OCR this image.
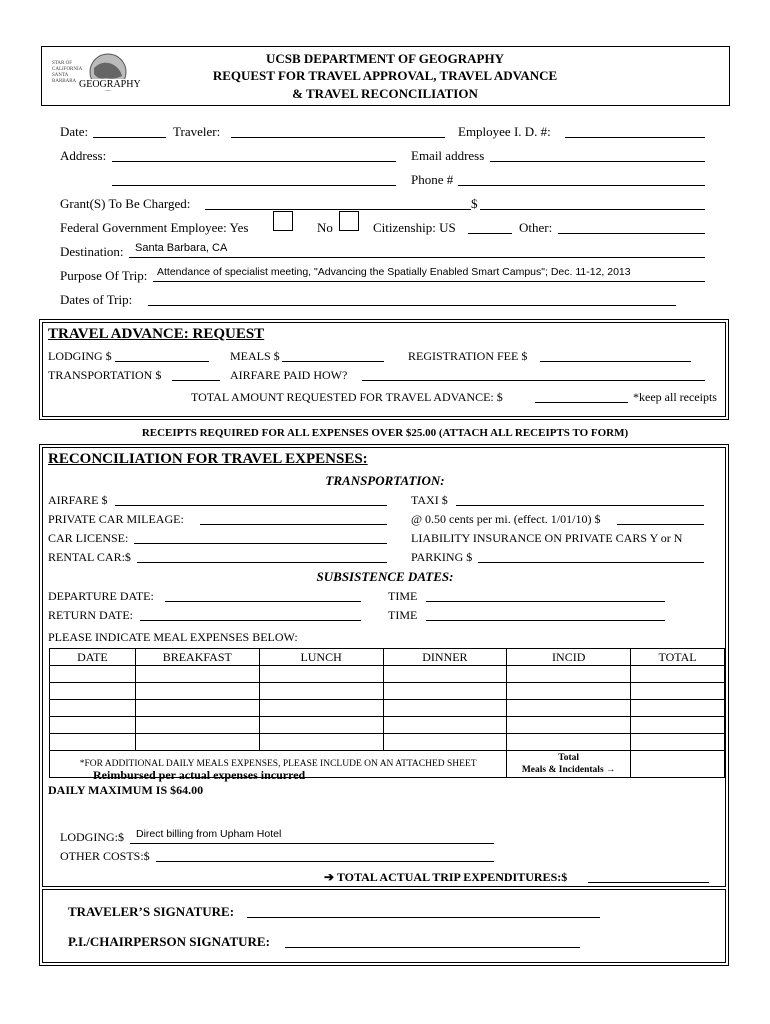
STAR OF
CALIFORNIA
SANTA
BARBARA GEOGRAPHY
UCSB DEPARTMENT OF GEOGRAPHY
REQUEST FOR TRAVEL APPROVAL, TRAVEL ADVANCE
& TRAVEL RECONCILIATION
Date:	Traveler:	Employee I. D. #:
Address:	Email address
Phone #
Grant(S) To Be Charged:	$
Federal Government Employee: Yes	No	Citizenship: US	Other:
Destination: Santa Barbara, CA
Purpose Of Trip: Attendance of specialist meeting, "Advancing the Spatially Enabled Smart Campus"; Dec. 11-12, 2013
Dates of Trip:
TRAVEL ADVANCE: REQUEST
LODGING $	MEALS $	REGISTRATION FEE $
TRANSPORTATION $	AIRFARE PAID HOW?
TOTAL AMOUNT REQUESTED FOR TRAVEL ADVANCE: $	*keep all receipts
RECEIPTS REQUIRED FOR ALL EXPENSES OVER $25.00 (ATTACH ALL RECEIPTS TO FORM)
RECONCILIATION FOR TRAVEL EXPENSES:
TRANSPORTATION:
AIRFARE $	TAXI $
PRIVATE CAR MILEAGE:	@ 0.50 cents per mi. (effect. 1/01/10) $
CAR LICENSE:	LIABILITY INSURANCE ON PRIVATE CARS Y or N
RENTAL CAR:$	PARKING $
SUBSISTENCE DATES:
DEPARTURE DATE:	TIME
RETURN DATE:	TIME
PLEASE INDICATE MEAL EXPENSES BELOW:
DATE	BREAKFAST	LUNCH	DINNER	INCID	TOTAL

*FOR ADDITIONAL DAILY MEALS EXPENSES, PLEASE INCLUDE ON AN ATTACHED SHEET				Total
Meals & Incidentals →	

Reimbursed per actual expenses incurred
DAILY MAXIMUM IS $64.00
LODGING:$ Direct billing from Upham Hotel
OTHER COSTS:$
➔ TOTAL ACTUAL TRIP EXPENDITURES:$
TRAVELER’S SIGNATURE:
P.I./CHAIRPERSON SIGNATURE:
